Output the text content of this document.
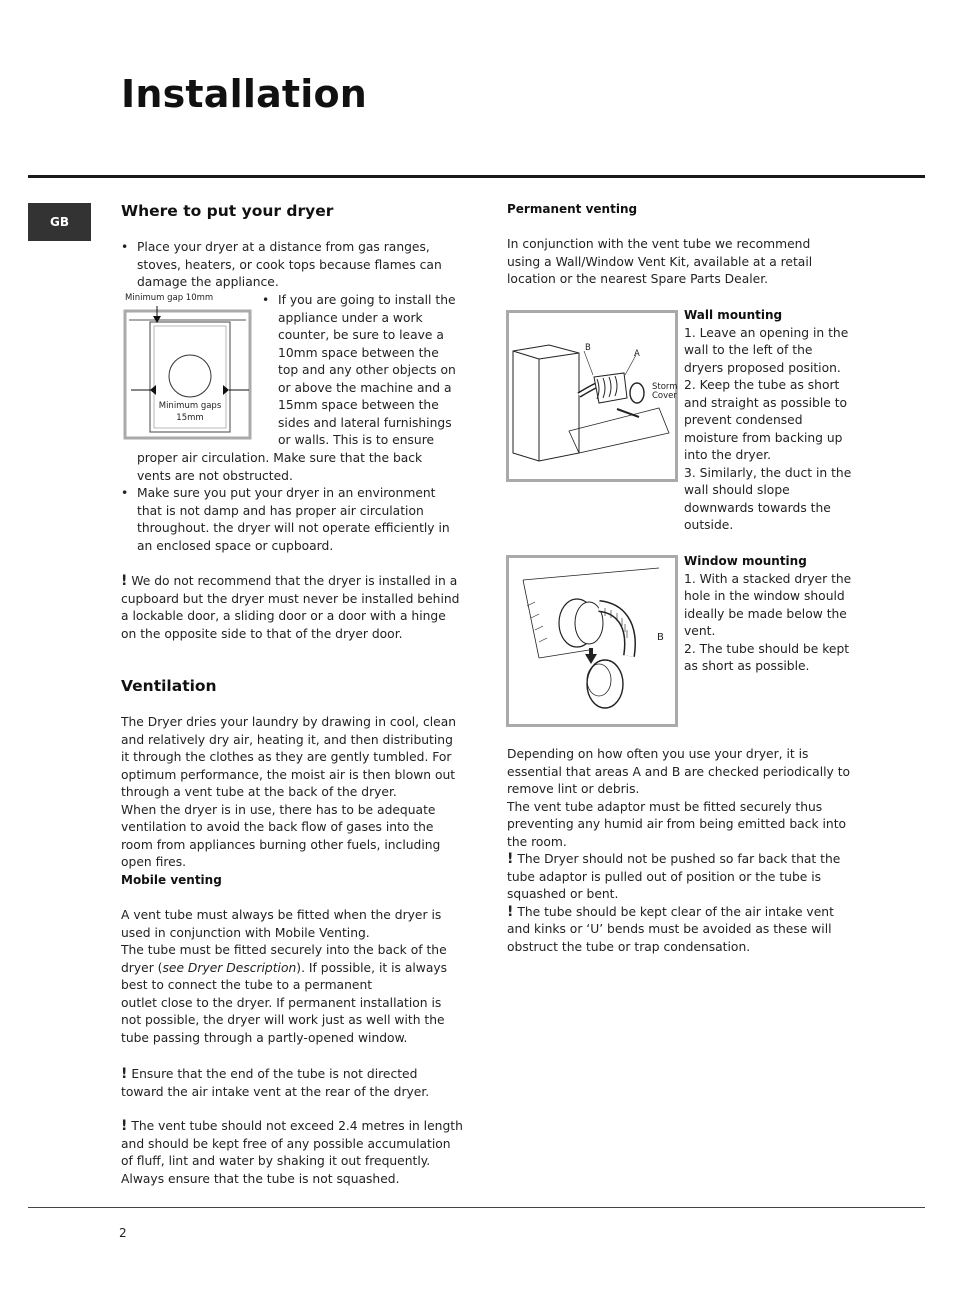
Installation
GB
Where to put your dryer
• Place your dryer at a distance from gas ranges, stoves, heaters, or cook tops because flames can damage the appliance.
Minimum gap 10mm
Minimum gaps
15mm
• If you are going to install the appliance under a work counter, be sure to leave a 10mm space between the top and any other objects on or above the machine and a 15mm space between the sides and lateral furnishings or walls. This is to ensure

proper air circulation. Make sure that the back vents are not obstructed.

• Make sure you put your dryer in an environment that is not damp and has proper air circulation throughout. the dryer will not operate efficiently in an enclosed space or cupboard.

! We do not recommend that the dryer is installed in a cupboard but the dryer must never be installed behind a lockable door, a sliding door or a door with a hinge on the opposite side to that of the dryer door.

Ventilation

The Dryer dries your laundry by drawing in cool, clean and relatively dry air, heating it, and then distributing it through the clothes as they are gently tumbled. For optimum performance, the moist air is then blown out through a vent tube at the back of the dryer.

When the dryer is in use, there has to be adequate ventilation to avoid the back flow of gases into the room from appliances burning other fuels, including open fires.

Mobile venting

A vent tube must always be fitted when the dryer is used in conjunction with Mobile Venting.

The tube must be fitted securely into the back of the dryer (see Dryer Description). If possible, it is always best to connect the tube to a permanent

outlet close to the dryer. If permanent installation is not possible, the dryer will work just as well with the tube passing through a partly-opened window.

! Ensure that the end of the tube is not directed toward the air intake vent at the rear of the dryer.

! The vent tube should not exceed 2.4 metres in length and should be kept free of any possible accumulation of fluff, lint and water by shaking it out frequently. Always ensure that the tube is not squashed.

Permanent venting

In conjunction with the vent tube we recommend using a Wall/Window Vent Kit, available at a retail location or the nearest Spare Parts Dealer.

B
A
Storm
Cover
Wall mounting

1. Leave an opening in the wall to the left of the dryers proposed position.

2. Keep the tube as short and straight as possible to prevent condensed moisture from backing up into the dryer.

3. Similarly, the duct in the wall should slope downwards towards the outside.

B
Window mounting

1. With a stacked dryer the hole in the window should ideally be made below the vent.

2. The tube should be kept as short as possible.

Depending on how often you use your dryer, it is essential that areas A and B are checked periodically to remove lint or debris.

The vent tube adaptor must be fitted securely thus preventing any humid air from being emitted back into the room.

! The Dryer should not be pushed so far back that the tube adaptor is pulled out of position or the tube is squashed or bent.

! The tube should be kept clear of the air intake vent and kinks or ‘U’ bends must be avoided as these will obstruct the tube or trap condensation.

2
